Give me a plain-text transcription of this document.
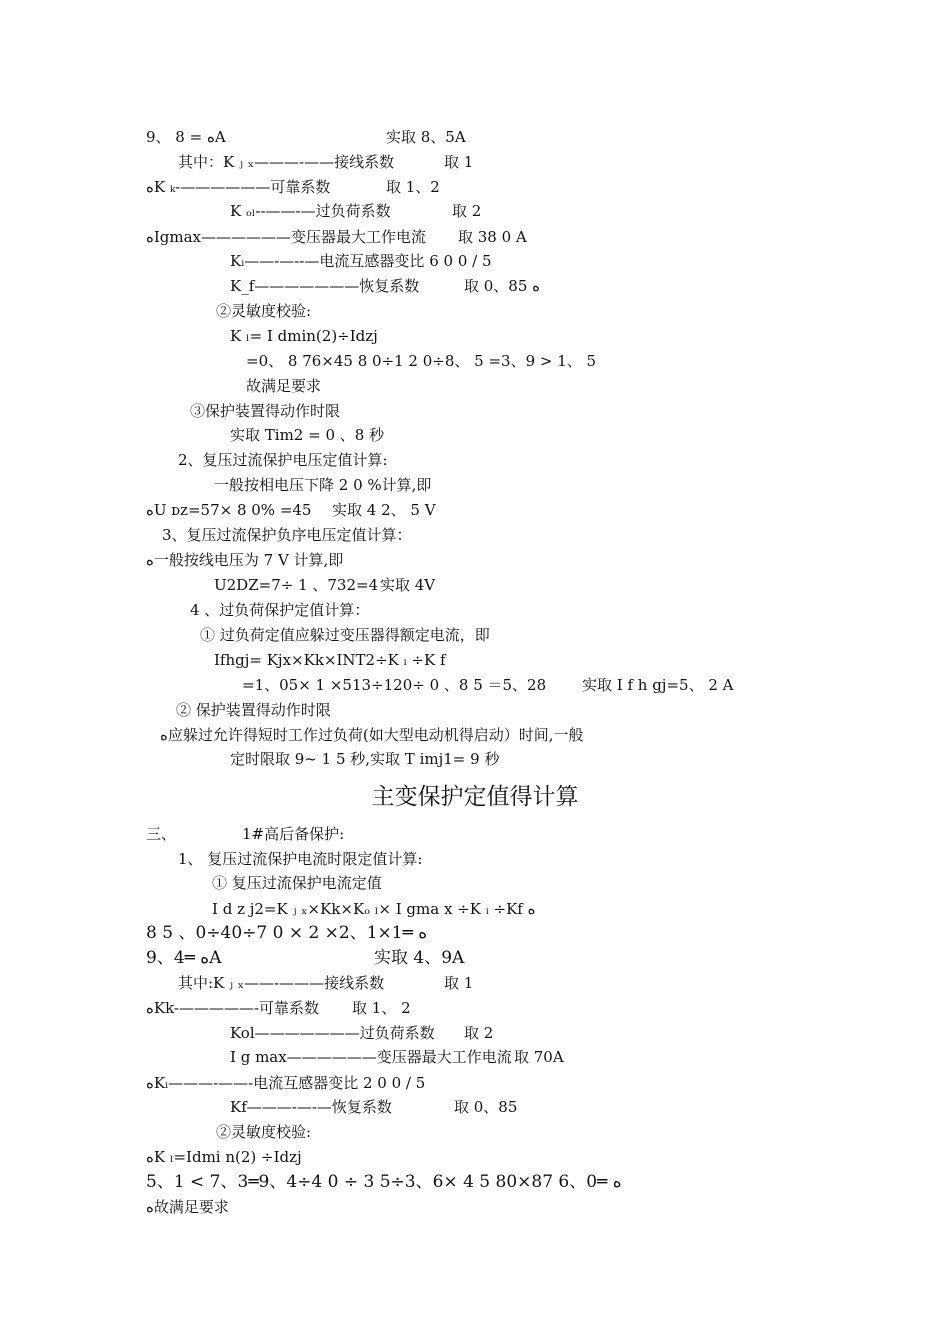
9、 8 = ﻩA	实取 8、5A
其中：K ⱼ ₓ———-——接线系数	取 1
ﻩK ₖ-——————可靠系数	取 1、2
K ₒₗ--——-—过负荷系数	取 2
ﻩIgmax——————变压器最大工作电流 取 38 0 A
Kᵢ——-—--—电流互感器变比 6 0 0 / 5
K_f———————恢复系数	取 0、85 ﻩ
②灵敏度校验:
K ₗ= I dmin(2)÷Idzj
=0、 8 76×45 8 0÷1 2 0÷8、 5 =3、9 > 1、 5
故满足要求
③保护装置得动作时限
实取 Tim2 = 0 、8 秒
2、复压过流保护电压定值计算:
一般按相电压下降 2 0 %计算,即
ﻩU ᴅᴢ=57× 8 0% =45 实取 4 2、 5 V
3、复压过流保护负序电压定值计算：
ﻩ一般按线电压为 7 V 计算,即
U2DZ=7÷ 1 、732=4 实取 4V
4 、过负荷保护定值计算：
① 过负荷定值应躲过变压器得额定电流，即
Ifhgj= Kjx×Kk×INT2÷K ᵢ ÷K f
=1、05× 1 ×513÷120÷ 0 、8 5 ＝5、28 实取 I f h gj=5、 2 A
② 保护装置得动作时限
ﻩ应躲过允许得短时工作过负荷(如大型电动机得启动）时间,一般
定时限取 9~ 1 5 秒,实取 T imj1= 9 秒
主变保护定值得计算
三、	1#高后备保护:
1、 复压过流保护电流时限定值计算:
① 复压过流保护电流定值
I d z j2=K ⱼ ₓ×Kk×Kₒ ₗ× I gma x ÷K ᵢ ÷Kf ﻩ
8 5 、0÷40÷7 0 × 2 ×2、1×1═ ﻩ
9、4═ ﻩA	实取 4、9A
其中:K ⱼ ₓ——-———接线系数	取 1
ﻩKk-—————-可靠系数 取 1、 2
Kol———————过负荷系数 取 2
I g max——————变压器最大工作电流 取 70A
ﻩKᵢ———-——-电流互感器变比 2 0 0 / 5
Kf———-—-—恢复系数	取 0、85
②灵敏度校验:
ﻩK ₗ=Idmi n(2) ÷Idzj
5、1 < 7、3═9、4÷4 0 ÷ 3 5÷3、6× 4 5 80×87 6、0═ ﻩ
ﻩ故满足要求
